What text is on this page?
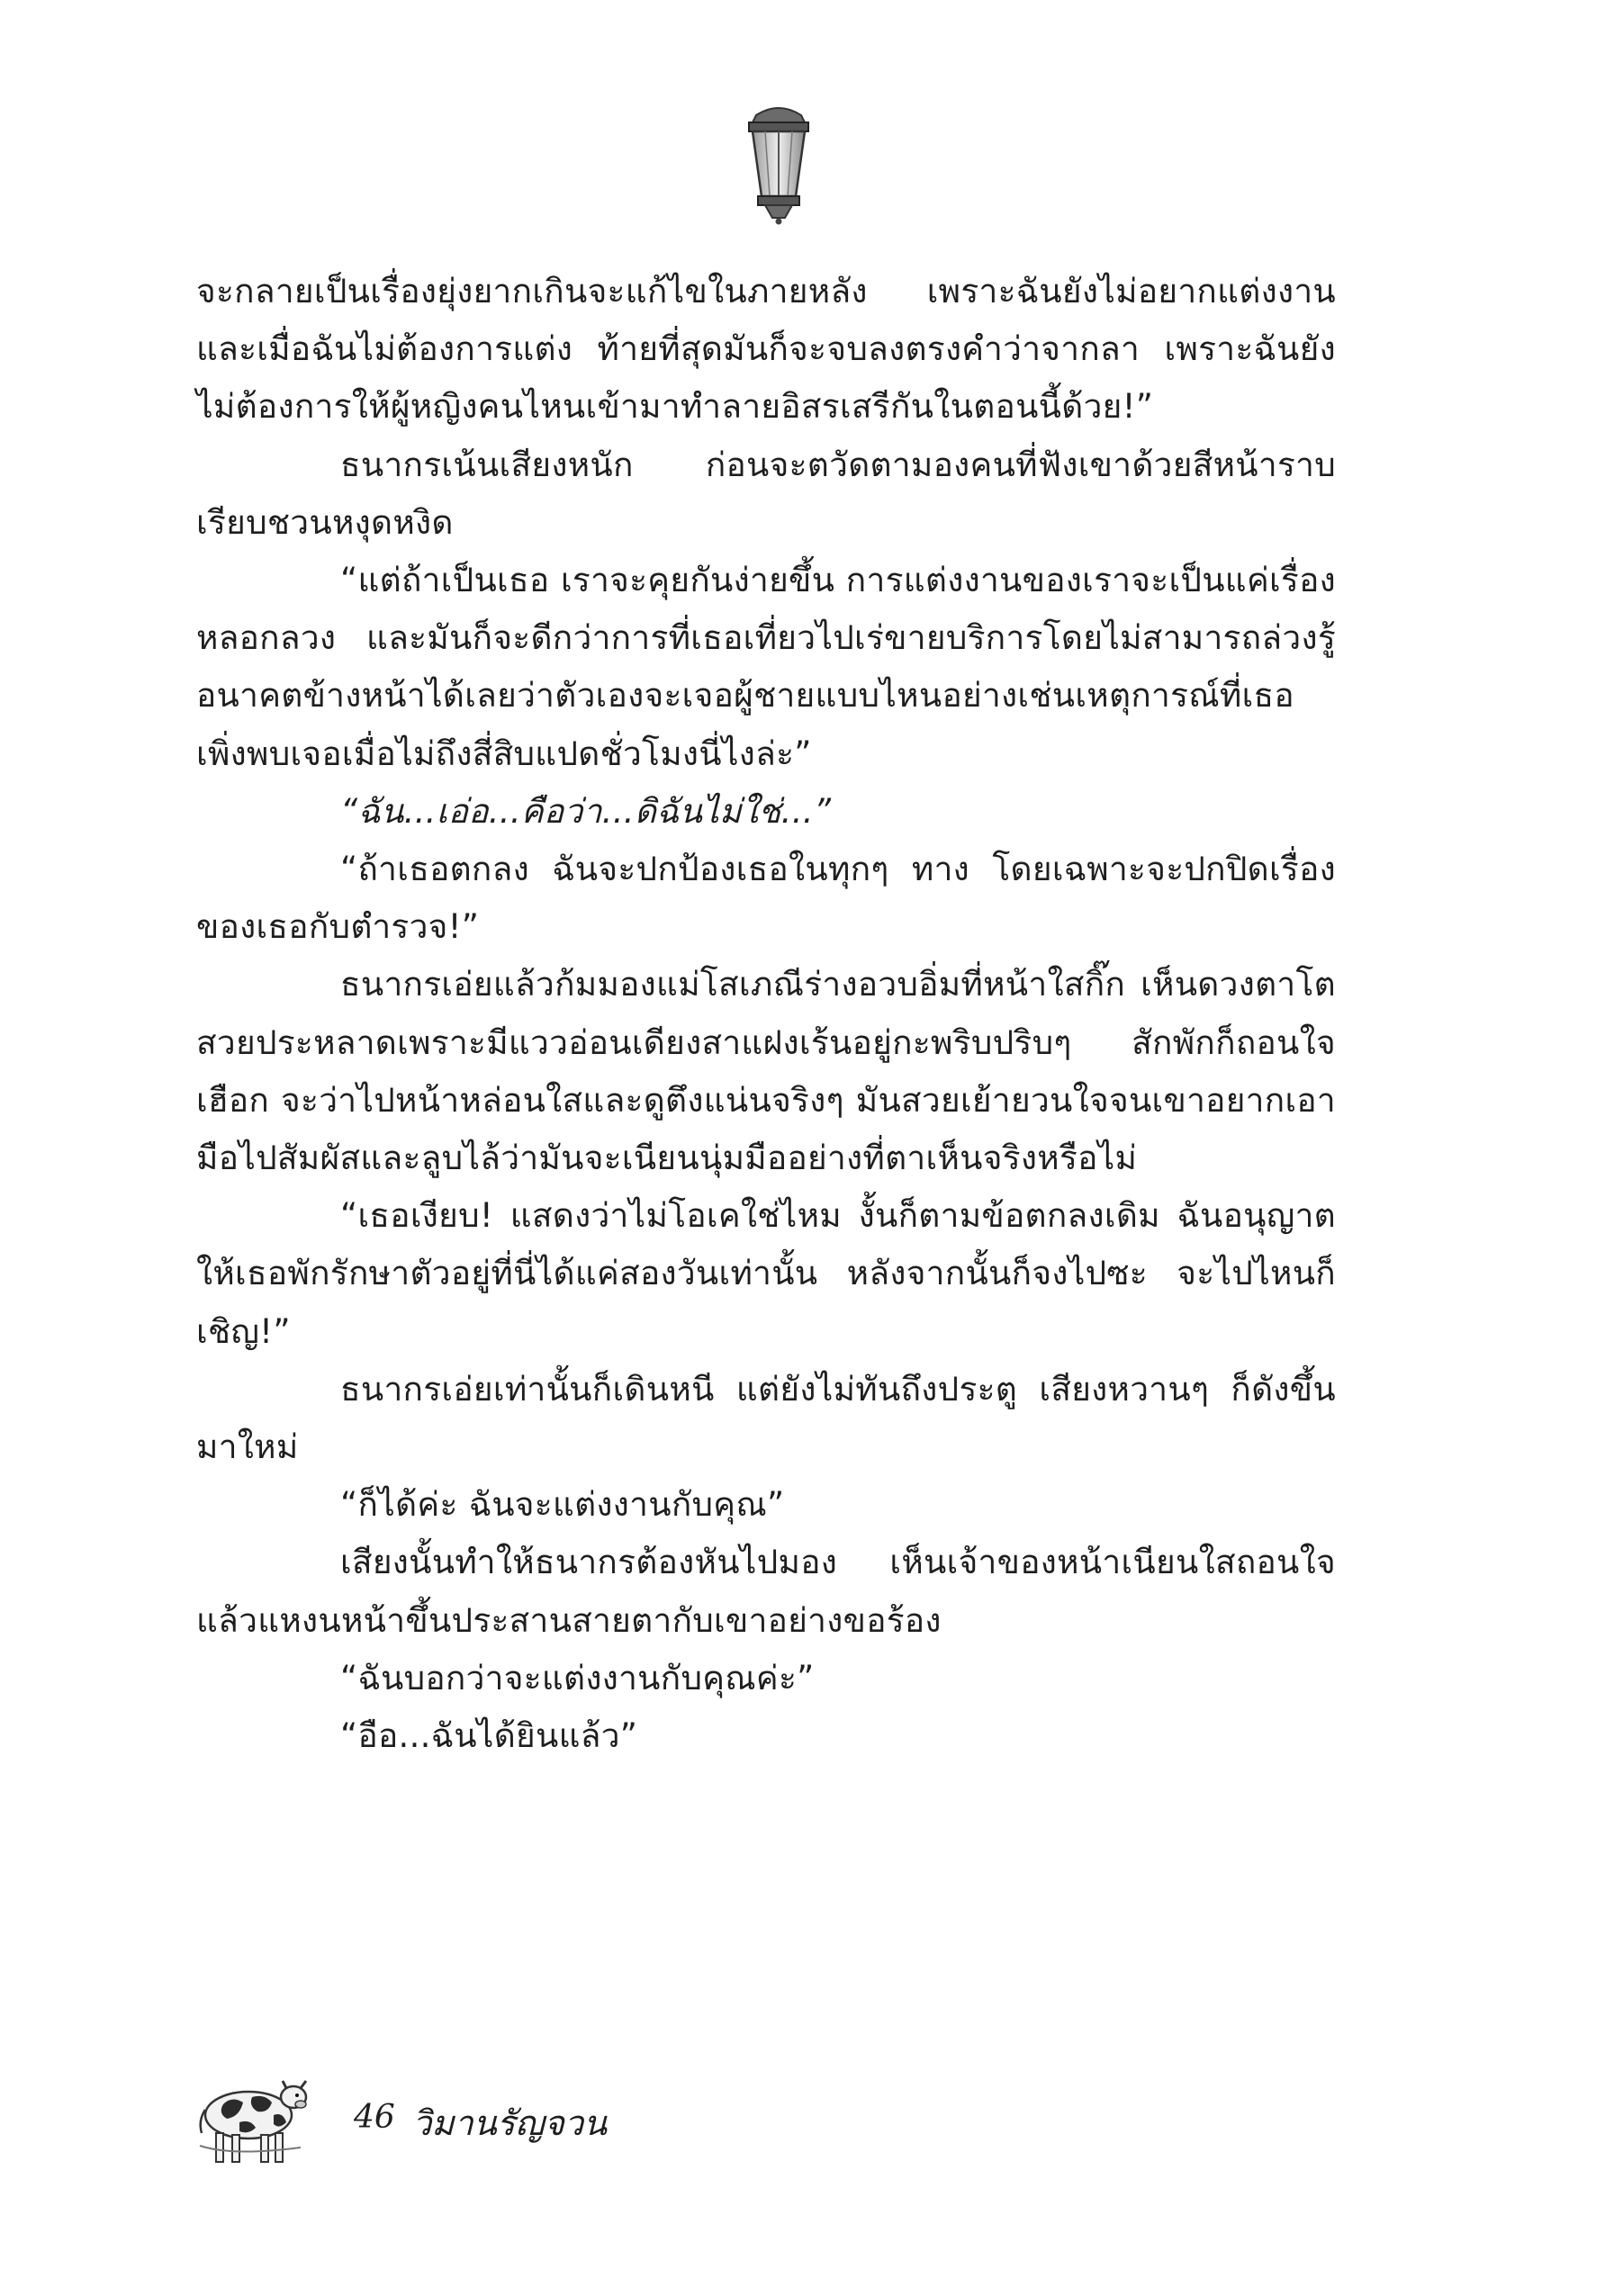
จะกลายเป็นเรื่องยุ่งยากเกินจะแก้ไขในภายหลัง เพราะฉันยังไม่อยากแต่งงาน และเมื่อฉันไม่ต้องการแต่ง ท้ายที่สุดมันก็จะจบลงตรงคำว่าจากลา เพราะฉันยังไม่ต้องการให้ผู้หญิงคนไหนเข้ามาทำลายอิสรเสรีกันในตอนนี้ด้วย!”

ธนากรเน้นเสียงหนัก ก่อนจะตวัดตามองคนที่ฟังเขาด้วยสีหน้าราบเรียบชวนหงุดหงิด

“แต่ถ้าเป็นเธอ เราจะคุยกันง่ายขึ้น การแต่งงานของเราจะเป็นแค่เรื่องหลอกลวง และมันก็จะดีกว่าการที่เธอเที่ยวไปเร่ขายบริการโดยไม่สามารถล่วงรู้อนาคตข้างหน้าได้เลยว่าตัวเองจะเจอผู้ชายแบบไหนอย่างเช่นเหตุการณ์ที่เธอเพิ่งพบเจอเมื่อไม่ถึงสี่สิบแปดชั่วโมงนี่ไงล่ะ”

“ฉัน...เอ่อ...คือว่า...ดิฉันไม่ใช่...”

“ถ้าเธอตกลง ฉันจะปกป้องเธอในทุกๆ ทาง โดยเฉพาะจะปกปิดเรื่องของเธอกับตำรวจ!”

ธนากรเอ่ยแล้วก้มมองแม่โสเภณีร่างอวบอิ่มที่หน้าใสกิ๊ก เห็นดวงตาโตสวยประหลาดเพราะมีแววอ่อนเดียงสาแฝงเร้นอยู่กะพริบปริบๆ สักพักก็ถอนใจเฮือก จะว่าไปหน้าหล่อนใสและดูตึงแน่นจริงๆ มันสวยเย้ายวนใจจนเขาอยากเอามือไปสัมผัสและลูบไล้ว่ามันจะเนียนนุ่มมืออย่างที่ตาเห็นจริงหรือไม่

“เธอเงียบ! แสดงว่าไม่โอเคใช่ไหม งั้นก็ตามข้อตกลงเดิม ฉันอนุญาตให้เธอพักรักษาตัวอยู่ที่นี่ได้แค่สองวันเท่านั้น หลังจากนั้นก็จงไปซะ จะไปไหนก็เชิญ!”

ธนากรเอ่ยเท่านั้นก็เดินหนี แต่ยังไม่ทันถึงประตู เสียงหวานๆ ก็ดังขึ้นมาใหม่

“ก็ได้ค่ะ ฉันจะแต่งงานกับคุณ”

เสียงนั้นทำให้ธนากรต้องหันไปมอง เห็นเจ้าของหน้าเนียนใสถอนใจ แล้วแหงนหน้าขึ้นประสานสายตากับเขาอย่างขอร้อง

“ฉันบอกว่าจะแต่งงานกับคุณค่ะ”

“อือ...ฉันได้ยินแล้ว”

46 วิมานรัญจวน
